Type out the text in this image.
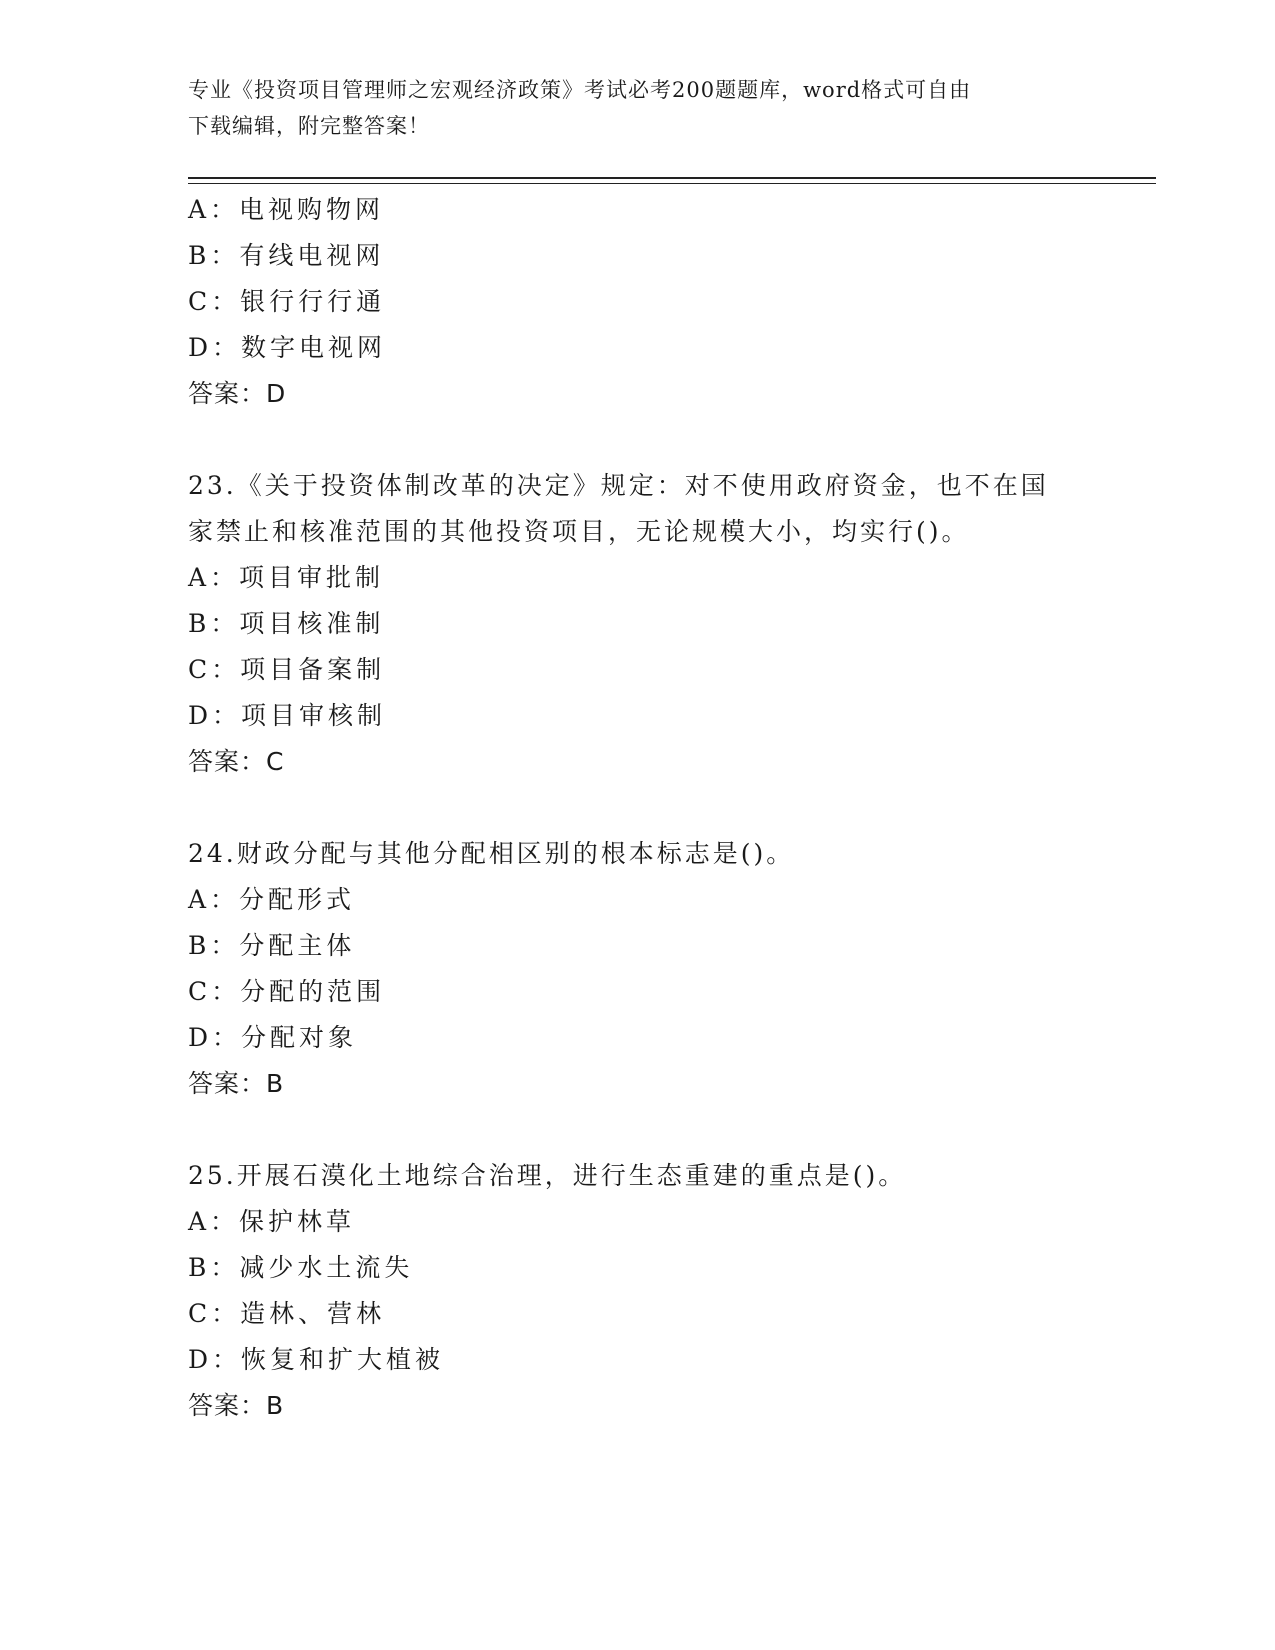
专业《投资项目管理师之宏观经济政策》考试必考200题题库，word格式可自由
下载编辑，附完整答案！
A：电视购物网
B：有线电视网
C：银行行行通
D：数字电视网
答案：D
23.《关于投资体制改革的决定》规定：对不使用政府资金，也不在国
家禁止和核准范围的其他投资项目，无论规模大小，均实行()。
A：项目审批制
B：项目核准制
C：项目备案制
D：项目审核制
答案：C
24.财政分配与其他分配相区别的根本标志是()。
A：分配形式
B：分配主体
C：分配的范围
D：分配对象
答案：B
25.开展石漠化土地综合治理，进行生态重建的重点是()。
A：保护林草
B：减少水土流失
C：造林、营林
D：恢复和扩大植被
答案：B
